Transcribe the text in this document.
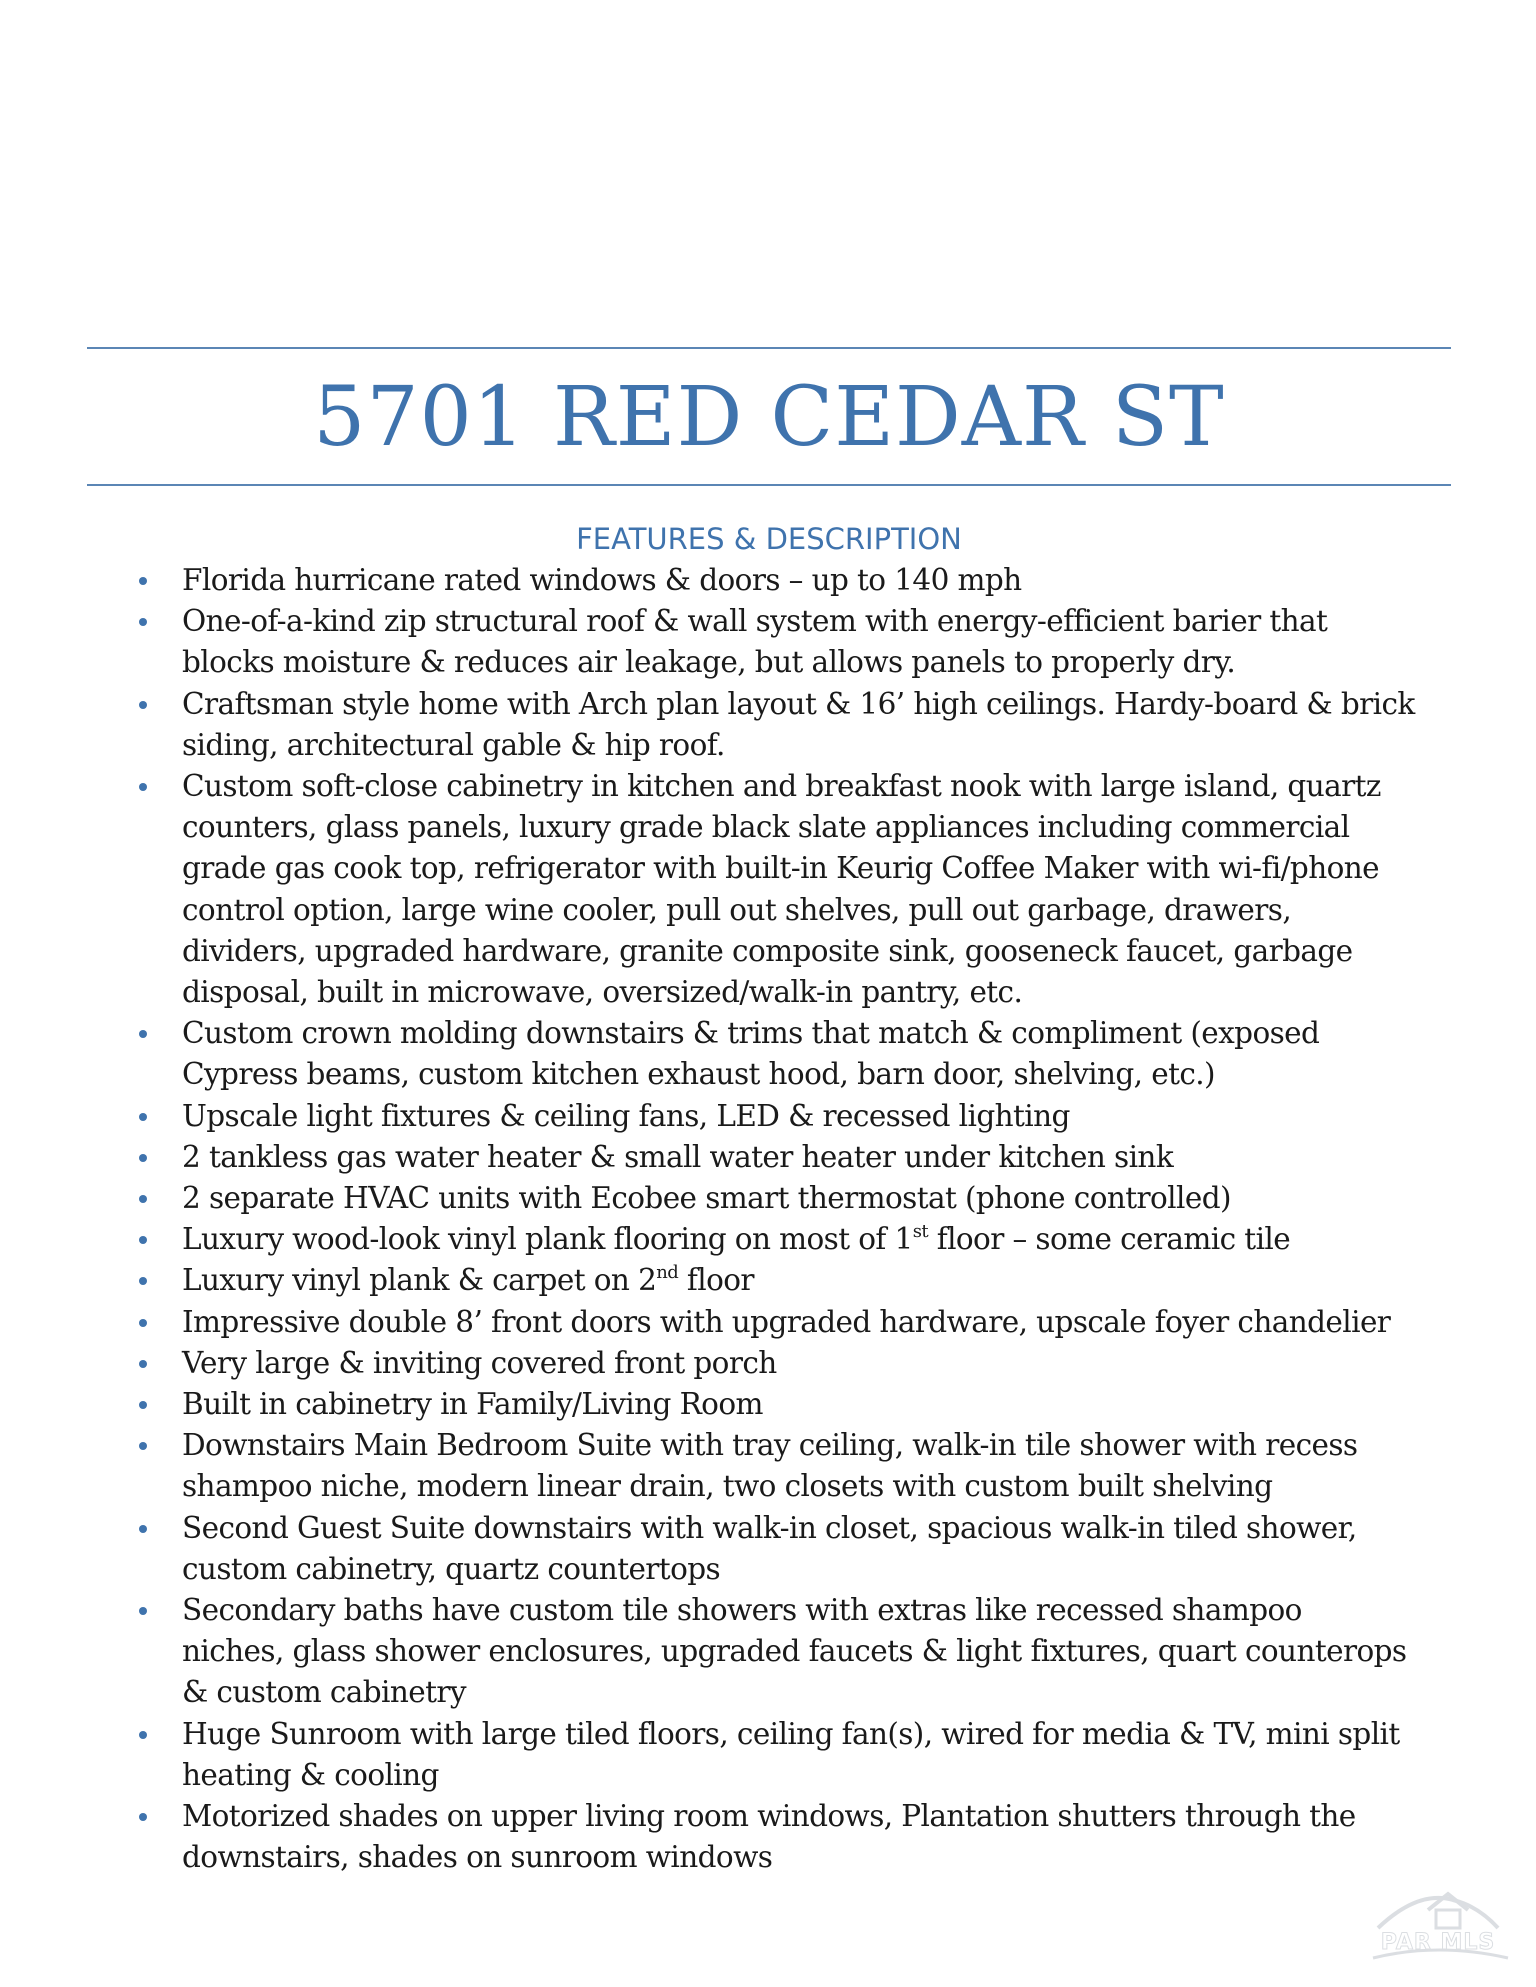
5701 RED CEDAR ST
FEATURES & DESCRIPTION
Florida hurricane rated windows & doors – up to 140 mph
One-of-a-kind zip structural roof & wall system with energy-efficient barier that
blocks moisture & reduces air leakage, but allows panels to properly dry.
Craftsman style home with Arch plan layout & 16’ high ceilings. Hardy-board & brick
siding, architectural gable & hip roof.
Custom soft-close cabinetry in kitchen and breakfast nook with large island, quartz
counters, glass panels, luxury grade black slate appliances including commercial
grade gas cook top, refrigerator with built-in Keurig Coffee Maker with wi-fi/phone
control option, large wine cooler, pull out shelves, pull out garbage, drawers,
dividers, upgraded hardware, granite composite sink, gooseneck faucet, garbage
disposal, built in microwave, oversized/walk-in pantry, etc.
Custom crown molding downstairs & trims that match & compliment (exposed
Cypress beams, custom kitchen exhaust hood, barn door, shelving, etc.)
Upscale light fixtures & ceiling fans, LED & recessed lighting
2 tankless gas water heater & small water heater under kitchen sink
2 separate HVAC units with Ecobee smart thermostat (phone controlled)
Luxury wood-look vinyl plank flooring on most of 1st floor – some ceramic tile
Luxury vinyl plank & carpet on 2nd floor
Impressive double 8’ front doors with upgraded hardware, upscale foyer chandelier
Very large & inviting covered front porch
Built in cabinetry in Family/Living Room
Downstairs Main Bedroom Suite with tray ceiling, walk-in tile shower with recess
shampoo niche, modern linear drain, two closets with custom built shelving
Second Guest Suite downstairs with walk-in closet, spacious walk-in tiled shower,
custom cabinetry, quartz countertops
Secondary baths have custom tile showers with extras like recessed shampoo
niches, glass shower enclosures, upgraded faucets & light fixtures, quart counterops
& custom cabinetry
Huge Sunroom with large tiled floors, ceiling fan(s), wired for media & TV, mini split
heating & cooling
Motorized shades on upper living room windows, Plantation shutters through the
downstairs, shades on sunroom windows
PAR MLS
